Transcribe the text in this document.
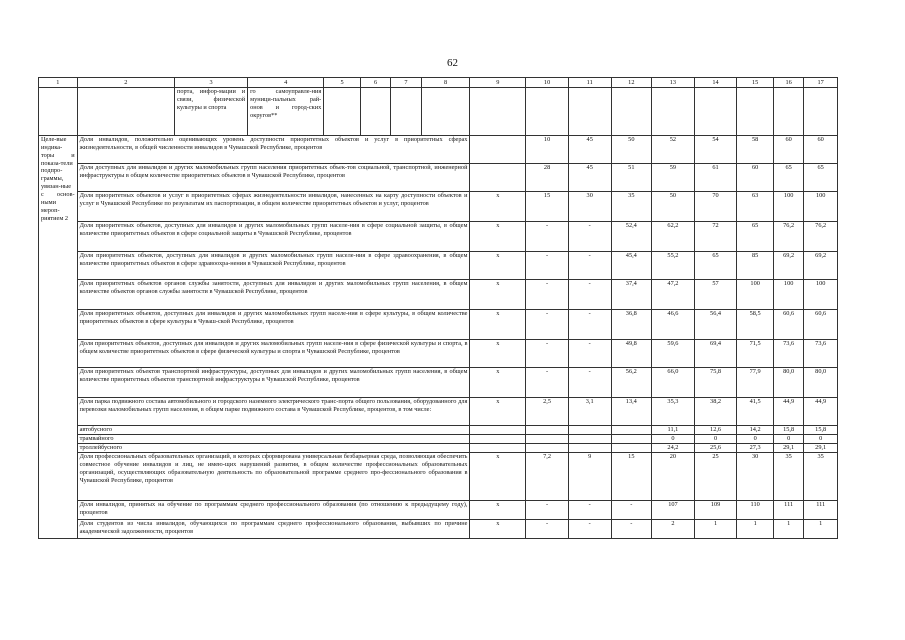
62
1	2	3	4	5	6	7	8	9	10	11	12	13	14	15	16	17
		порта, инфор-мации и связи, физической культуры и спорта	го самоуправле-ния муници-пальных рай-онов и город-ских округов**													
Целе-вые индика-торы и показа-тели подпро-граммы, увязан-ные с основ-ными мероп-риятием 2	Доля инвалидов, положительно оценивающих уровень доступности приоритетных объектов и услуг в приоритетных сферах жизнедеятельности, в общей численности инвалидов в Чувашской Республике, процентов								10	45	50	52	54	58	60	60
	Доля доступных для инвалидов и других маломобильных групп населения приоритетных объек-тов социальной, транспортной, инженерной инфраструктуры в общем количестве приоритетных объектов в Чувашской Республике, процентов								28	45	51	59	61	60	65	65
	Доля приоритетных объектов и услуг в приоритетных сферах жизнедеятельности инвалидов, нанесенных на карту доступности объектов и услуг в Чувашской Республике по результатам их паспортизации, в общем количестве приоритетных объектов и услуг, процентов							х	15	30	35	50	70	63	100	100
	Доля приоритетных объектов, доступных для инвалидов и других маломобильных групп населе-ния в сфере социальной защиты, в общем количестве приоритетных объектов в сфере социальной защиты в Чувашской Республике, процентов							х	-	-	52,4	62,2	72	65	76,2	76,2
	Доля приоритетных объектов, доступных для инвалидов и других маломобильных групп населе-ния в сфере здравоохранения, в общем количестве приоритетных объектов в сфере здравоохра-нения в Чувашской Республике, процентов							х	-	-	45,4	55,2	65	85	69,2	69,2
	Доля приоритетных объектов органов службы занятости, доступных для инвалидов и других маломобильных групп населения, в общем количестве объектов органов службы занятости в Чувашской Республике, процентов							х	-	-	37,4	47,2	57	100	100	100
	Доля приоритетных объектов, доступных для инвалидов и других маломобильных групп населе-ния в сфере культуры, в общем количестве приоритетных объектов в сфере культуры в Чуваш-ской Республике, процентов							х	-	-	36,8	46,6	56,4	58,5	60,6	60,6
	Доля приоритетных объектов, доступных для инвалидов и других маломобильных групп населе-ния в сфере физической культуры и спорта, в общем количестве приоритетных объектов в сфере физической культуры и спорта в Чувашской Республике, процентов							х	-	-	49,8	59,6	69,4	71,5	73,6	73,6
	Доля приоритетных объектов транспортной инфраструктуры, доступных для инвалидов и других маломобильных групп населения, в общем количестве приоритетных объектов транспортной инфраструктуры в Чувашской Республике, процентов							х	-	-	56,2	66,0	75,8	77,9	80,0	80,0
	Доля парка подвижного состава автомобильного и городского наземного электрического транс-порта общего пользования, оборудованного для перевозки маломобильных групп населения, в общем парке подвижного состава в Чувашской Республике, процентов, в том числе:							х	2,5	3,1	13,4	35,3	38,2	41,5	44,9	44,9
	автобусного											11,1	12,6	14,2	15,8	15,8
	трамвайного											0	0	0	0	0
	троллейбусного											24,2	25,6	27,3	29,1	29,1
	Доля профессиональных образовательных организаций, в которых сформирована универсальная безбарьерная среда, позволяющая обеспечить совместное обучение инвалидов и лиц, не имею-щих нарушений развития, в общем количестве профессиональных образовательных организаций, осуществляющих образовательную деятельность по образовательной программе среднего про-фессионального образования в Чувашской Республике, процентов							х	7,2	9	15	20	25	30	35	35
	Доля инвалидов, принятых на обучение по программам среднего профессионального образования (по отношению к предыдущему году), процентов							х	-	-	-	107	109	110	111	111
	Доля студентов из числа инвалидов, обучающихся по программам среднего профессионального образования, выбывших по причине академической задолженности, процентов							х	-	-	-	2	1	1	1	1
